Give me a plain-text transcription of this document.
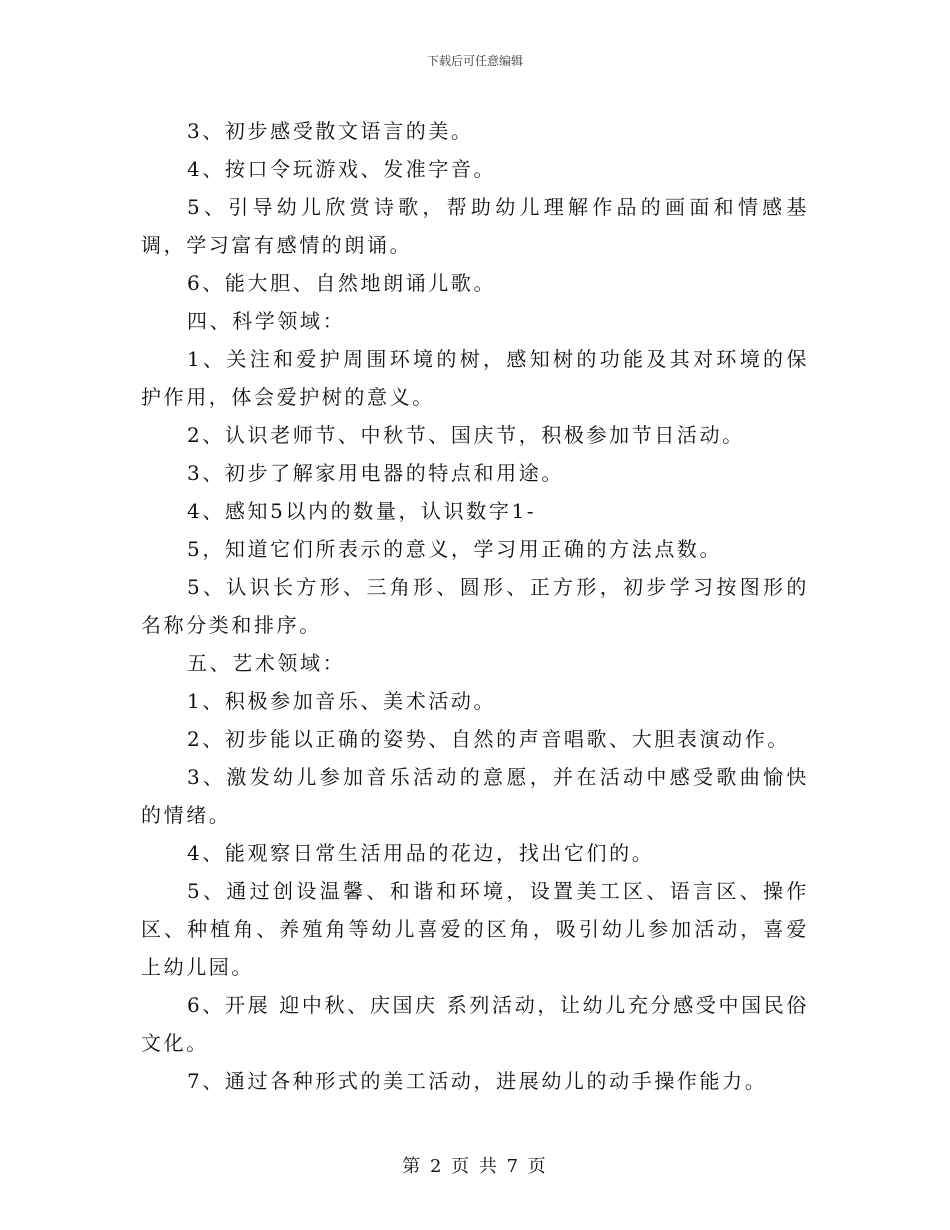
下载后可任意编辑

3、初步感受散文语言的美。

4、按口令玩游戏、发准字音。

5、引导幼儿欣赏诗歌，帮助幼儿理解作品的画面和情感基调，学习富有感情的朗诵。

6、能大胆、自然地朗诵儿歌。

四、科学领域：

1、关注和爱护周围环境的树，感知树的功能及其对环境的保护作用，体会爱护树的意义。

2、认识老师节、中秋节、国庆节，积极参加节日活动。

3、初步了解家用电器的特点和用途。

4、感知5以内的数量，认识数字1-

5，知道它们所表示的意义，学习用正确的方法点数。

5、认识长方形、三角形、圆形、正方形，初步学习按图形的名称分类和排序。

五、艺术领域：

1、积极参加音乐、美术活动。

2、初步能以正确的姿势、自然的声音唱歌、大胆表演动作。

3、激发幼儿参加音乐活动的意愿，并在活动中感受歌曲愉快的情绪。

4、能观察日常生活用品的花边，找出它们的。

5、通过创设温馨、和谐和环境，设置美工区、语言区、操作区、种植角、养殖角等幼儿喜爱的区角，吸引幼儿参加活动，喜爱上幼儿园。

6、开展 迎中秋、庆国庆 系列活动，让幼儿充分感受中国民俗文化。

7、通过各种形式的美工活动，进展幼儿的动手操作能力。

第 2 页 共 7 页
